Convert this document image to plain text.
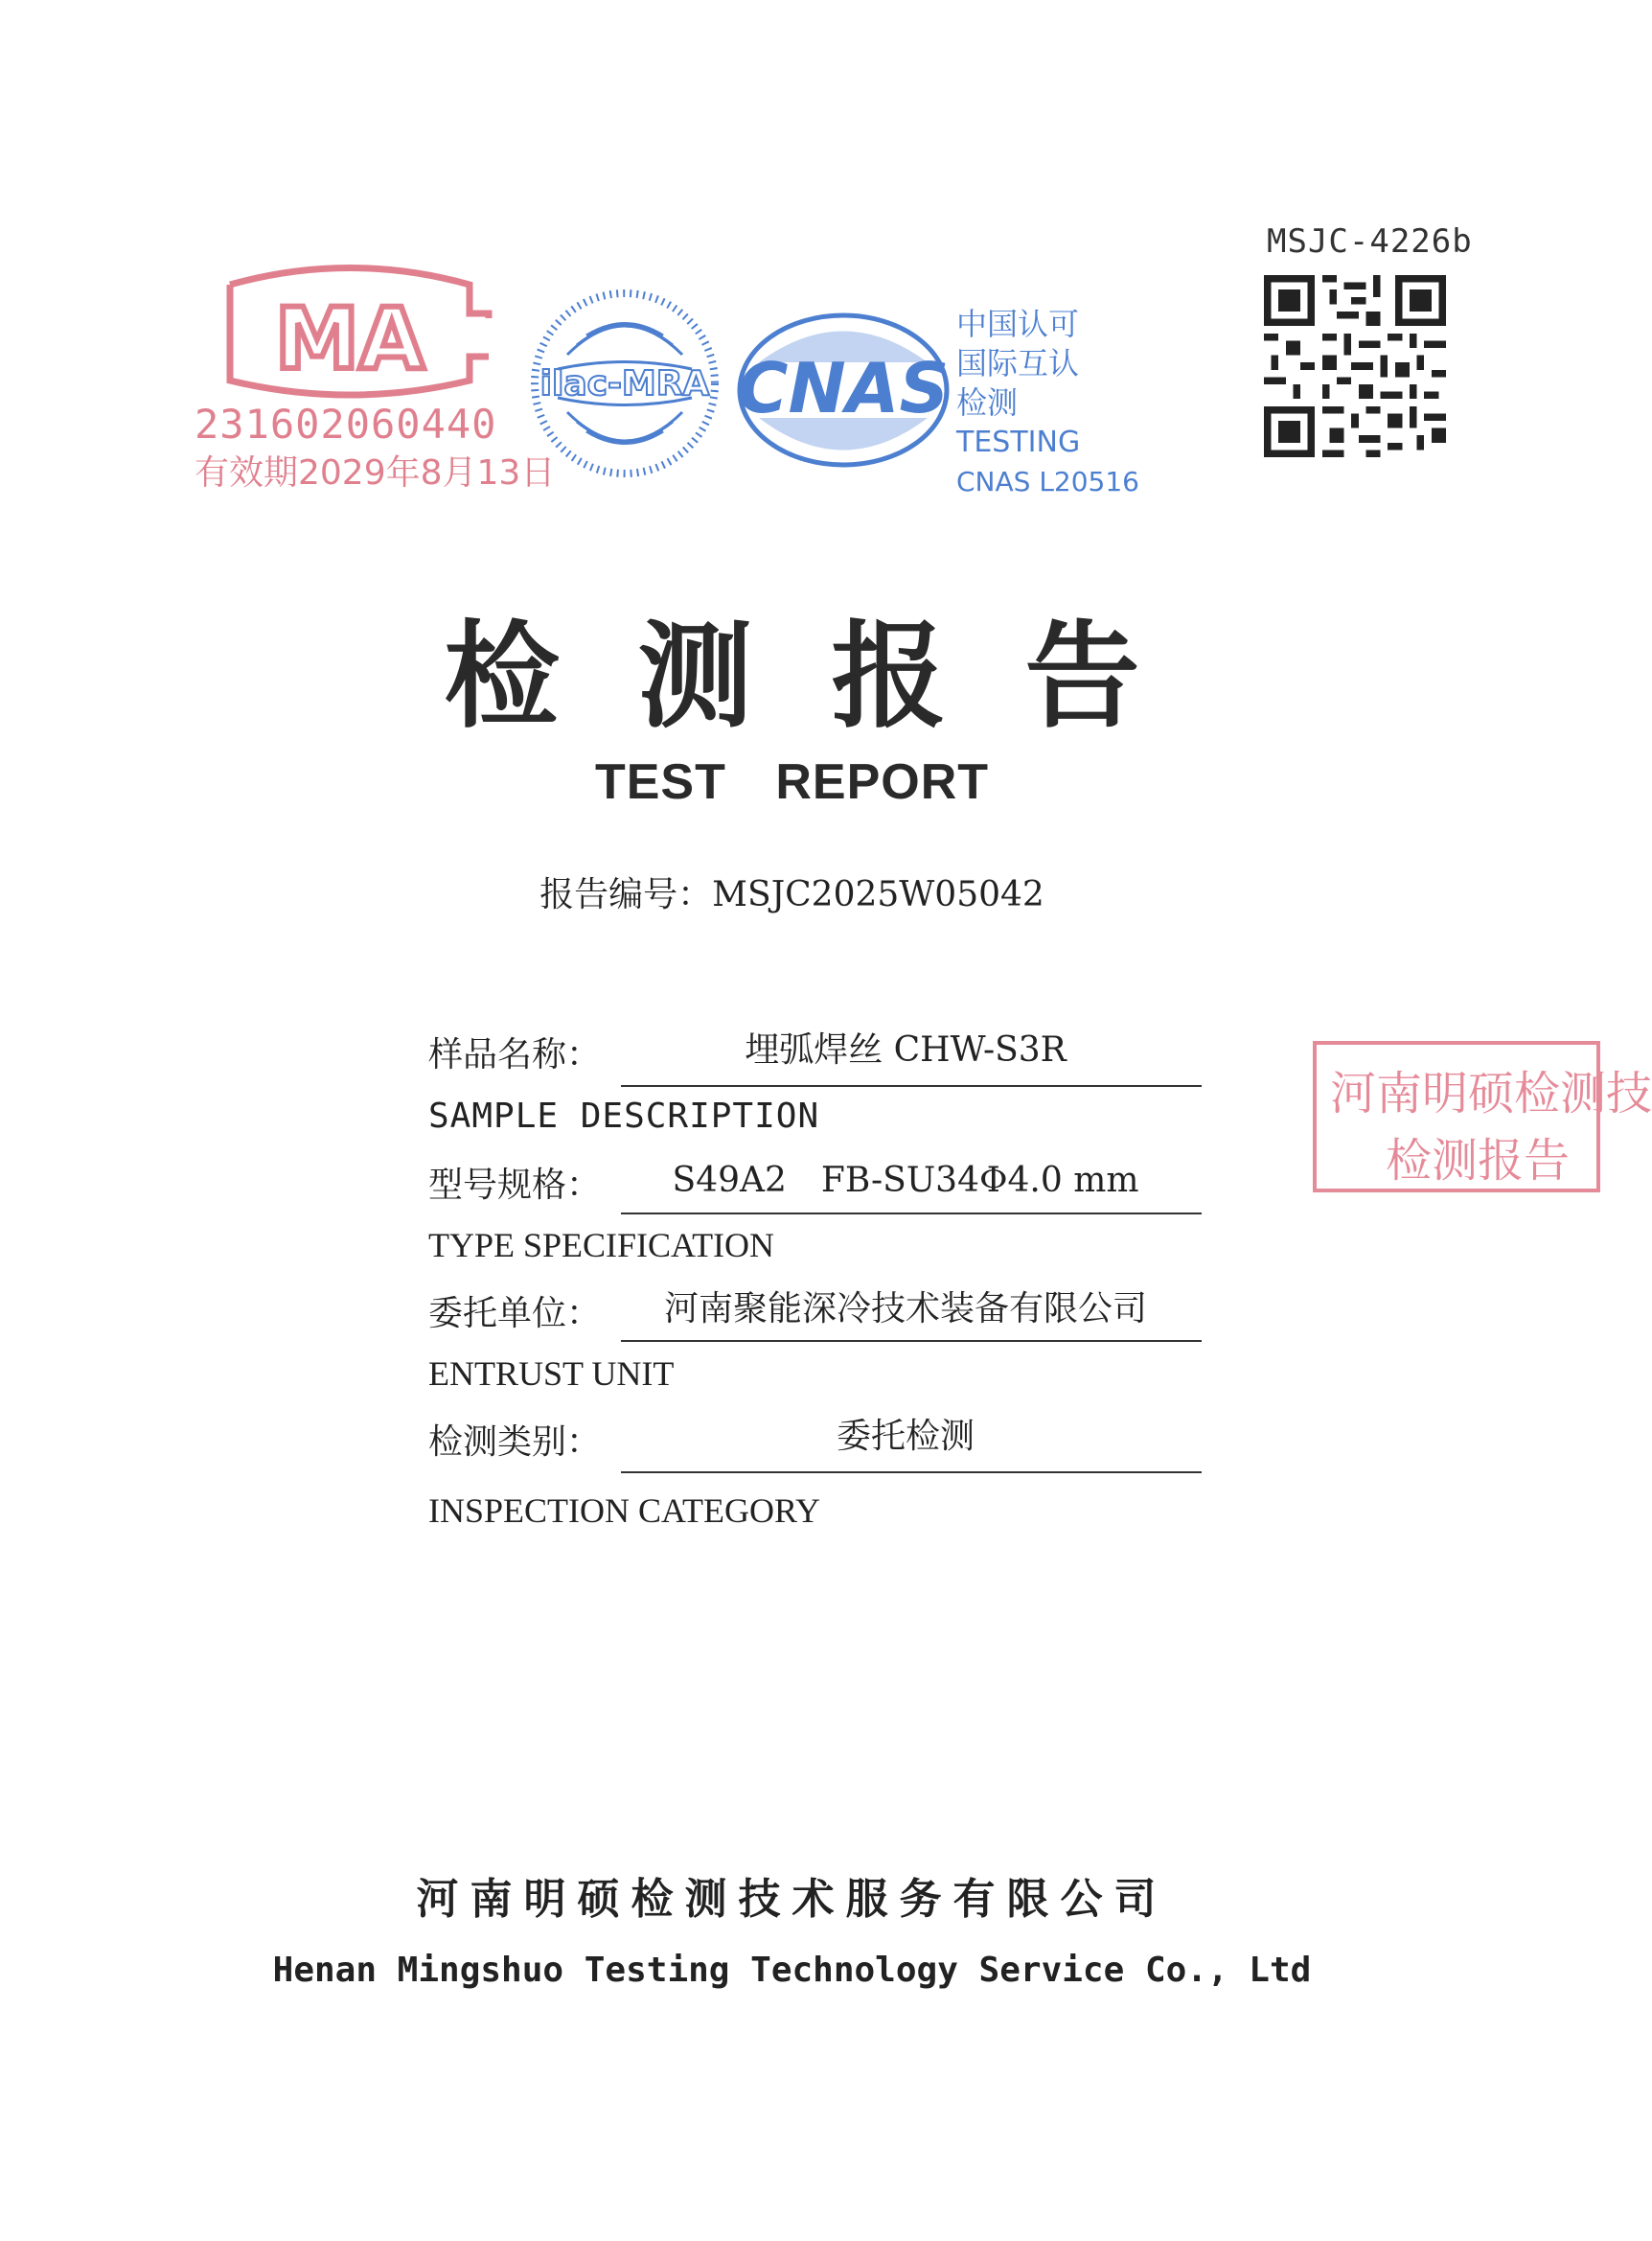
MSJC-4226b
MA
231602060440
有效期2029年8月13日
ilac-MRA CNAS
中国认可
国际互认
检测
TESTING
CNAS L20516
检测报告
TEST REPORT
报告编号：MSJC2025W05042
样品名称：	埋弧焊丝 CHW-S3R
SAMPLE DESCRIPTION
型号规格：	S49A2　FB-SU34Φ4.0 mm
TYPE SPECIFICATION
委托单位：	河南聚能深冷技术装备有限公司
ENTRUST UNIT
检测类别：	委托检测
INSPECTION CATEGORY
河南明硕检测技
检测报告
河南明硕检测技术服务有限公司
Henan Mingshuo Testing Technology Service Co., Ltd
